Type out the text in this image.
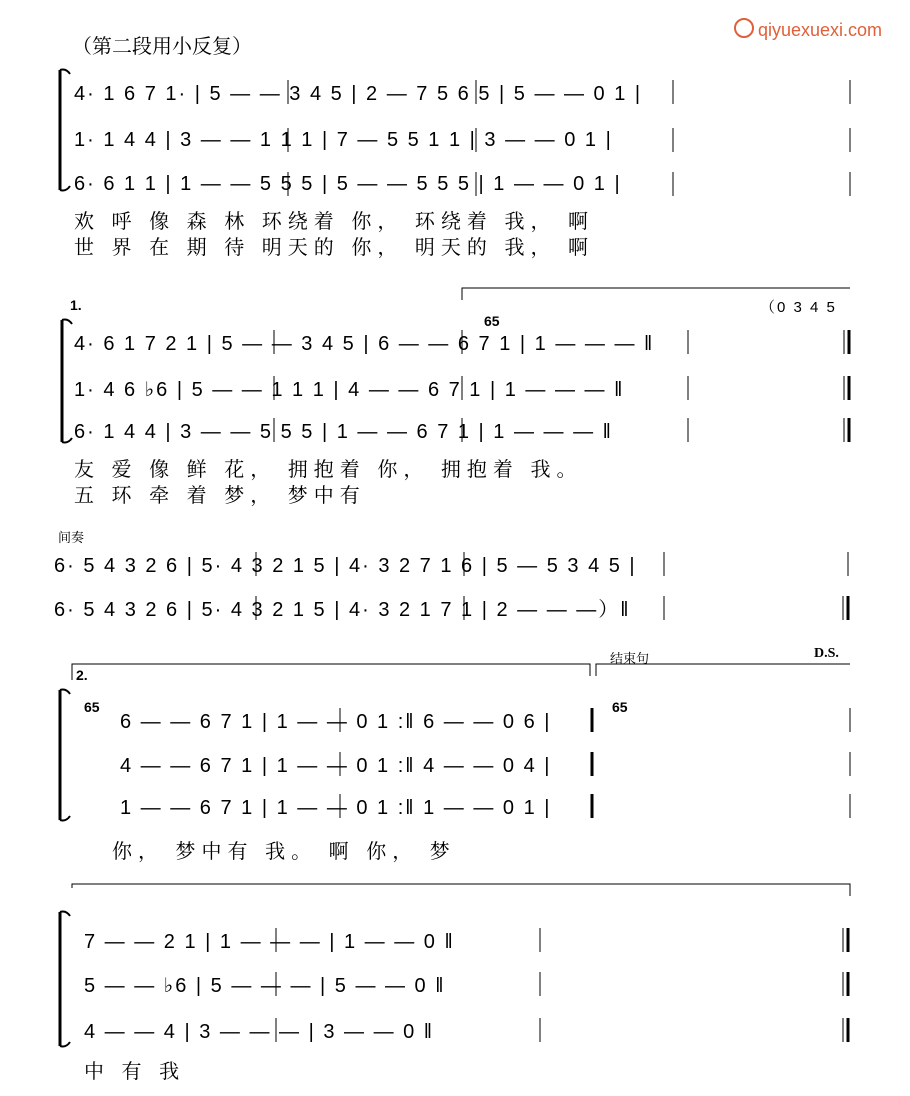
（第二段用小反复）
qiyuexuexi.com
间奏
结束句	D.S.
（0 3 4 5
4· 1 6 7 1· | 5 — — 3 4 5 | 2 — 7 5 6 5 | 5 — — 0 1 |
1· 1 4 4 | 3 — — 1 1 1 | 7 — 5 5 1 1 | 3 — — 0 1 |
6· 6 1 1 | 1 — — 5 5 5 | 5 — — 5 5 5 | 1 — — 0 1 |
4· 6 1 7 2 1 | 5 — — 3 4 5 | 6 — — 6 7 1 | 1 — — — ‖
1· 4 6 ♭6 | 5 — — 1 1 1 | 4 — — 6 7 1 | 1 — — — ‖
6· 1 4 4 | 3 — — 5 5 5 | 1 — — 6 7 1 | 1 — — — ‖
6· 5 4 3 2 6 | 5· 4 3 2 1 5 | 4· 3 2 7 1 6 | 5 — 5 3 4 5 |
6· 5 4 3 2 6 | 5· 4 3 2 1 5 | 4· 3 2 1 7 1 | 2 — — —）‖
6 — — 6 7 1 | 1 — — 0 1 :‖ 6 — — 0 6 |
4 — — 6 7 1 | 1 — — 0 1 :‖ 4 — — 0 4 |
1 — — 6 7 1 | 1 — — 0 1 :‖ 1 — — 0 1 |
7 — — 2 1 | 1 — — — | 1 — — 0 ‖
5 — — ♭6 | 5 — — — | 5 — — 0 ‖
4 — — 4 | 3 — — — | 3 — — 0 ‖
1.
65
2.
65	65
欢 呼 像 森 林 环绕着 你， 环绕着 我， 啊
世 界 在 期 待 明天的 你， 明天的 我， 啊
友 爱 像 鲜 花， 拥抱着 你， 拥抱着 我。
五 环 牵 着 梦， 梦中有
你， 梦中有 我。 啊 你， 梦
中 有 我
